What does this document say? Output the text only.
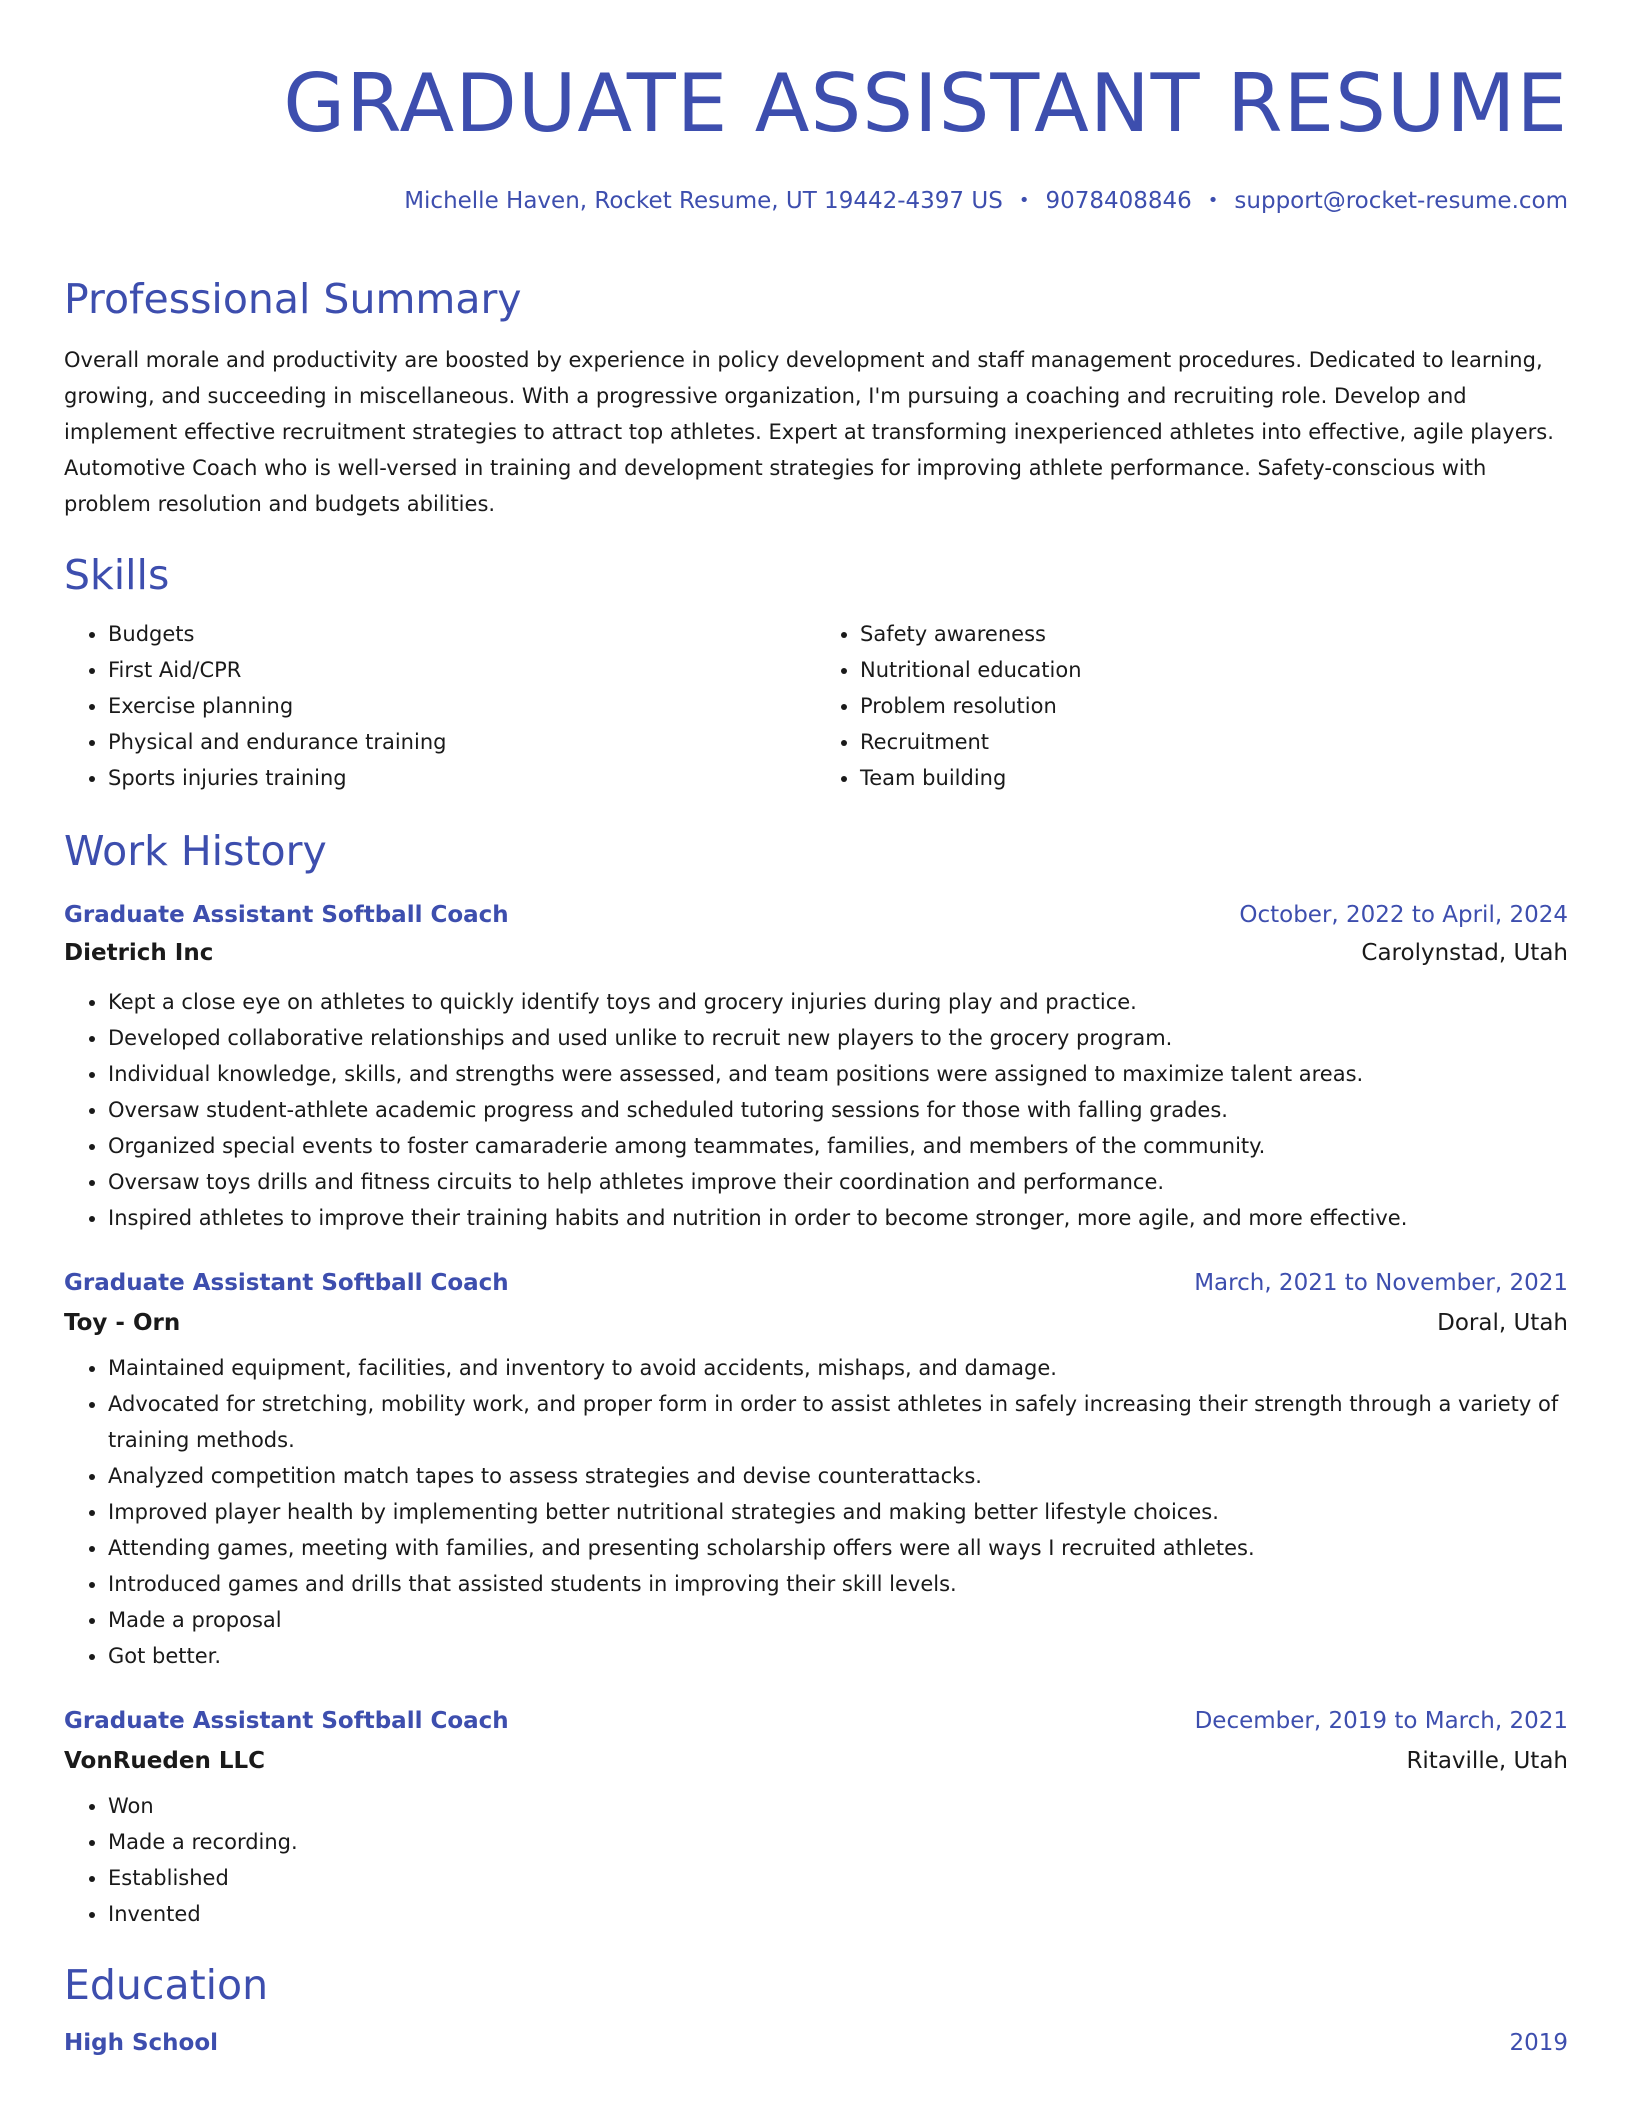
GRADUATE ASSISTANT RESUME
Michelle Haven, Rocket Resume, UT 19442-4397 US • 9078408846 • support@rocket-resume.com
Professional Summary
Overall morale and productivity are boosted by experience in policy development and staff management procedures. Dedicated to learning, growing, and succeeding in miscellaneous. With a progressive organization, I'm pursuing a coaching and recruiting role. Develop and implement effective recruitment strategies to attract top athletes. Expert at transforming inexperienced athletes into effective, agile players. Automotive Coach who is well-versed in training and development strategies for improving athlete performance. Safety-conscious with problem resolution and budgets abilities.
Skills
• Budgets
• First Aid/CPR
• Exercise planning
• Physical and endurance training
• Sports injuries training
• Safety awareness
• Nutritional education
• Problem resolution
• Recruitment
• Team building
Work History
Graduate Assistant Softball Coach	October, 2022 to April, 2024
Dietrich Inc	Carolynstad, Utah
• Kept a close eye on athletes to quickly identify toys and grocery injuries during play and practice.
• Developed collaborative relationships and used unlike to recruit new players to the grocery program.
• Individual knowledge, skills, and strengths were assessed, and team positions were assigned to maximize talent areas.
• Oversaw student-athlete academic progress and scheduled tutoring sessions for those with falling grades.
• Organized special events to foster camaraderie among teammates, families, and members of the community.
• Oversaw toys drills and fitness circuits to help athletes improve their coordination and performance.
• Inspired athletes to improve their training habits and nutrition in order to become stronger, more agile, and more effective.
Graduate Assistant Softball Coach	March, 2021 to November, 2021
Toy - Orn	Doral, Utah
• Maintained equipment, facilities, and inventory to avoid accidents, mishaps, and damage.
• Advocated for stretching, mobility work, and proper form in order to assist athletes in safely increasing their strength through a variety of training methods.
• Analyzed competition match tapes to assess strategies and devise counterattacks.
• Improved player health by implementing better nutritional strategies and making better lifestyle choices.
• Attending games, meeting with families, and presenting scholarship offers were all ways I recruited athletes.
• Introduced games and drills that assisted students in improving their skill levels.
• Made a proposal
• Got better.
Graduate Assistant Softball Coach	December, 2019 to March, 2021
VonRueden LLC	Ritaville, Utah
• Won
• Made a recording.
• Established
• Invented
Education
High School	2019
